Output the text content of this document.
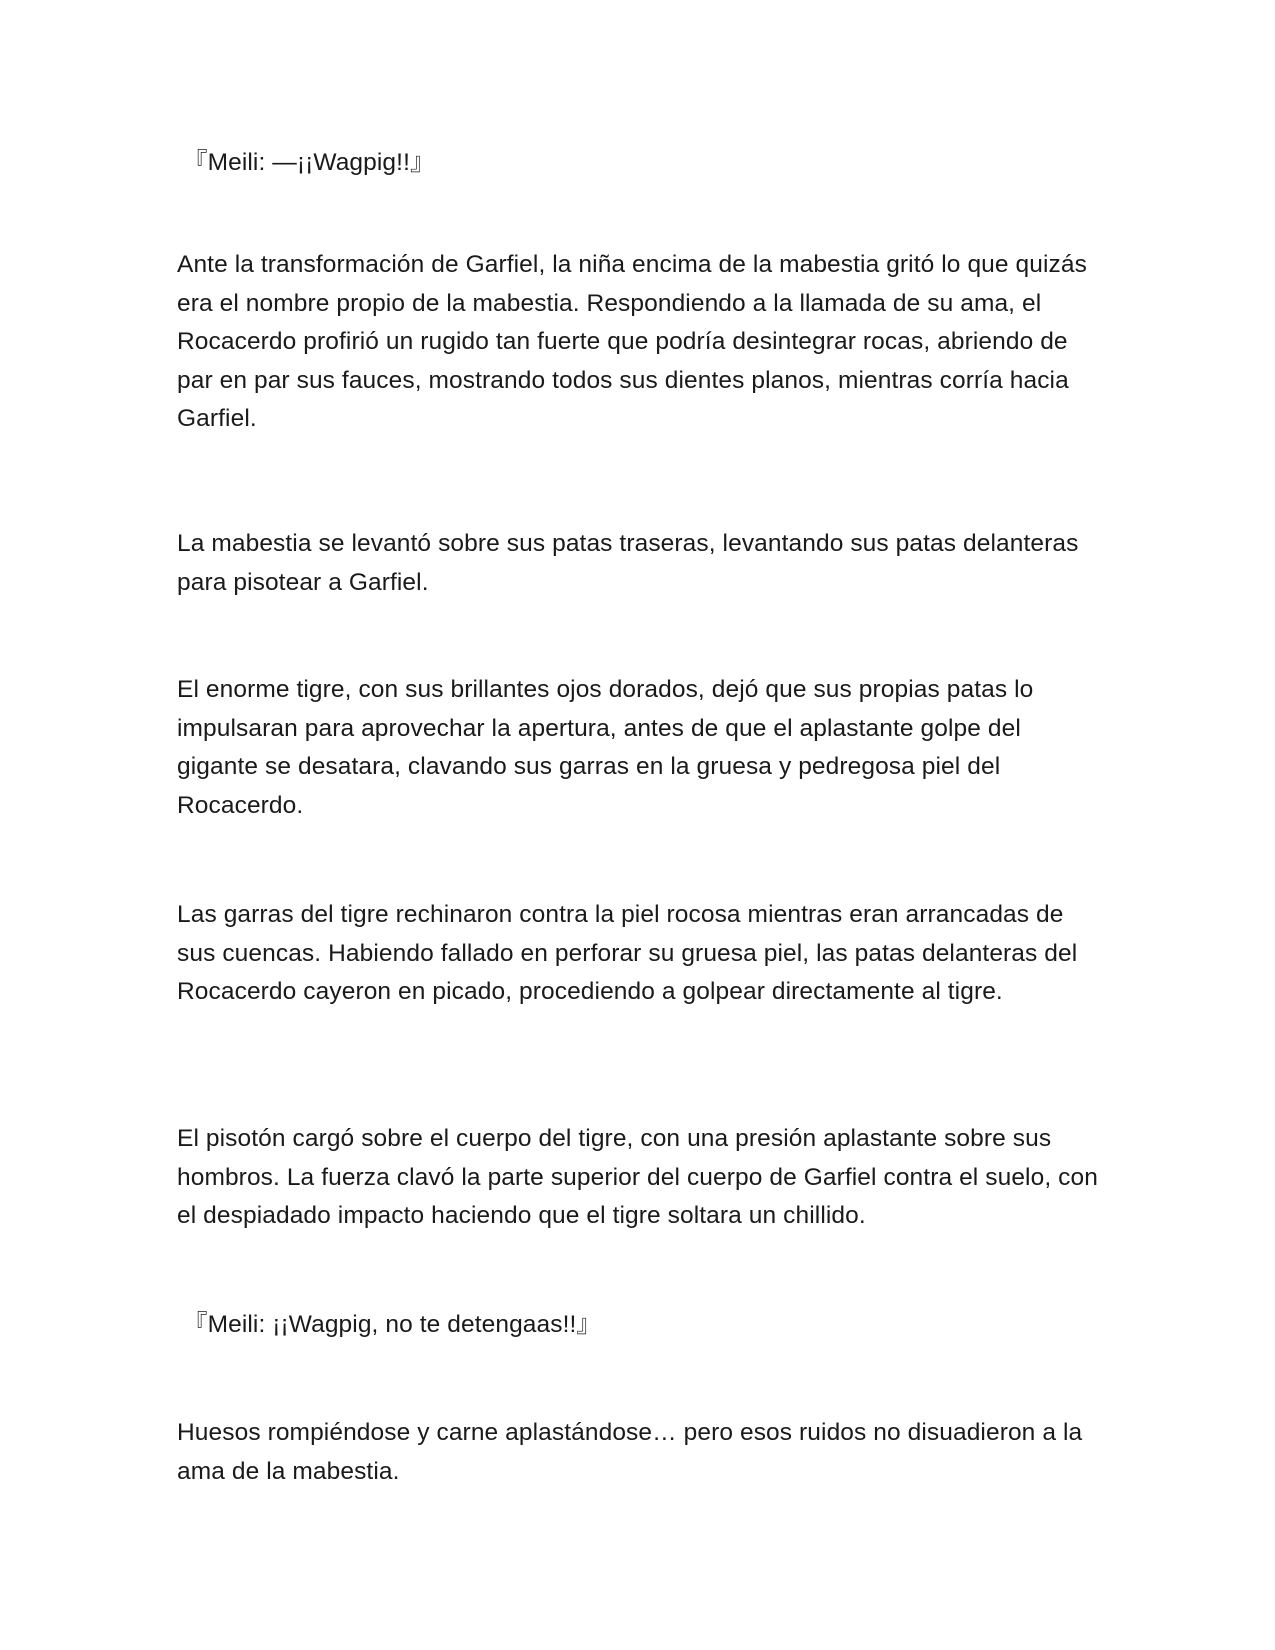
『Meili: —¡¡Wagpig!!』

Ante la transformación de Garfiel, la niña encima de la mabestia gritó lo que quizás era el nombre propio de la mabestia. Respondiendo a la llamada de su ama, el Rocacerdo profirió un rugido tan fuerte que podría desintegrar rocas, abriendo de par en par sus fauces, mostrando todos sus dientes planos, mientras corría hacia Garfiel.

La mabestia se levantó sobre sus patas traseras, levantando sus patas delanteras para pisotear a Garfiel.

El enorme tigre, con sus brillantes ojos dorados, dejó que sus propias patas lo impulsaran para aprovechar la apertura, antes de que el aplastante golpe del gigante se desatara, clavando sus garras en la gruesa y pedregosa piel del Rocacerdo.

Las garras del tigre rechinaron contra la piel rocosa mientras eran arrancadas de sus cuencas. Habiendo fallado en perforar su gruesa piel, las patas delanteras del Rocacerdo cayeron en picado, procediendo a golpear directamente al tigre.

El pisotón cargó sobre el cuerpo del tigre, con una presión aplastante sobre sus hombros. La fuerza clavó la parte superior del cuerpo de Garfiel contra el suelo, con el despiadado impacto haciendo que el tigre soltara un chillido.

『Meili: ¡¡Wagpig, no te detengaas!!』

Huesos rompiéndose y carne aplastándose… pero esos ruidos no disuadieron a la ama de la mabestia.
